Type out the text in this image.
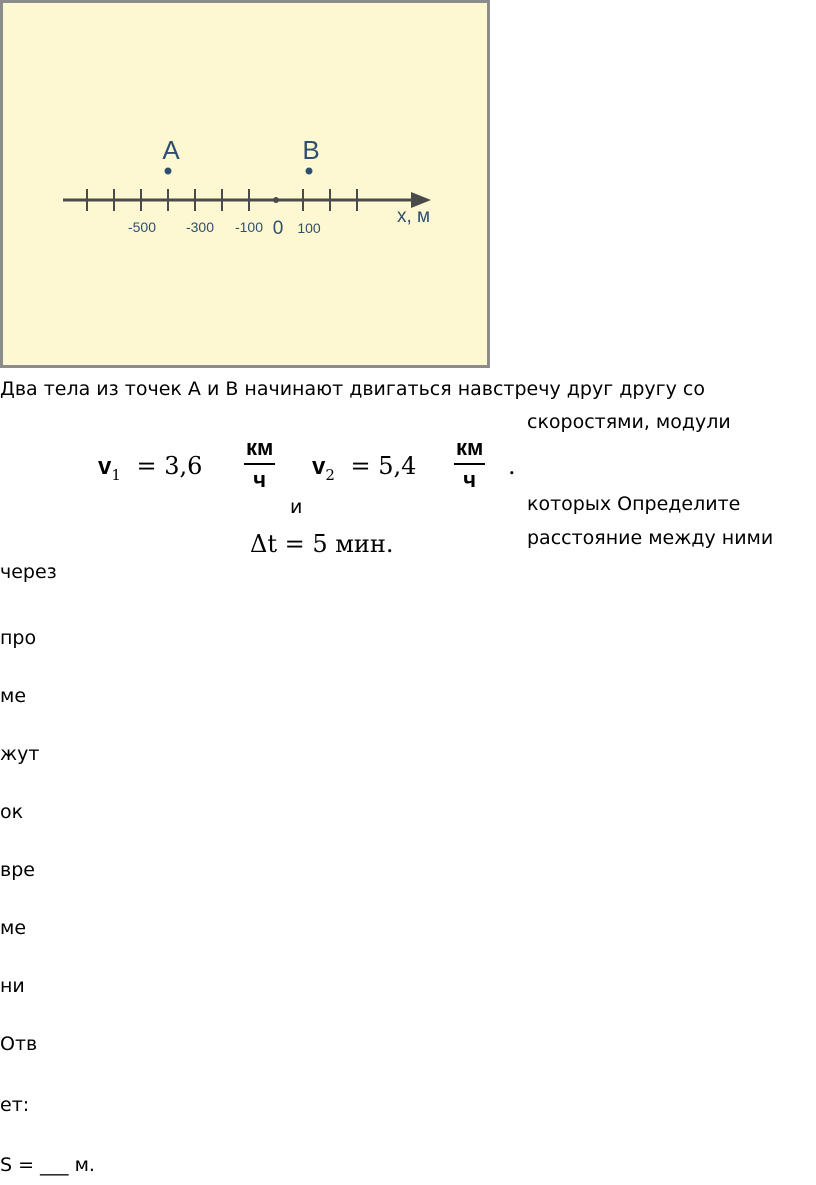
A	B
-500 -300 -100 0 100
x, м
Два тела из точек А и В начинают двигаться навстречу друг другу со
скоростями, модули
$v_1 = 3,6$
км
ч
и
$v_2 = 5,4$
км
ч	.
которых Определите
Δt = 5 мин.	расстояние между ними
через
про
ме
жут
ок
вре
ме
ни
Отв
ет:
S = ___ м.
